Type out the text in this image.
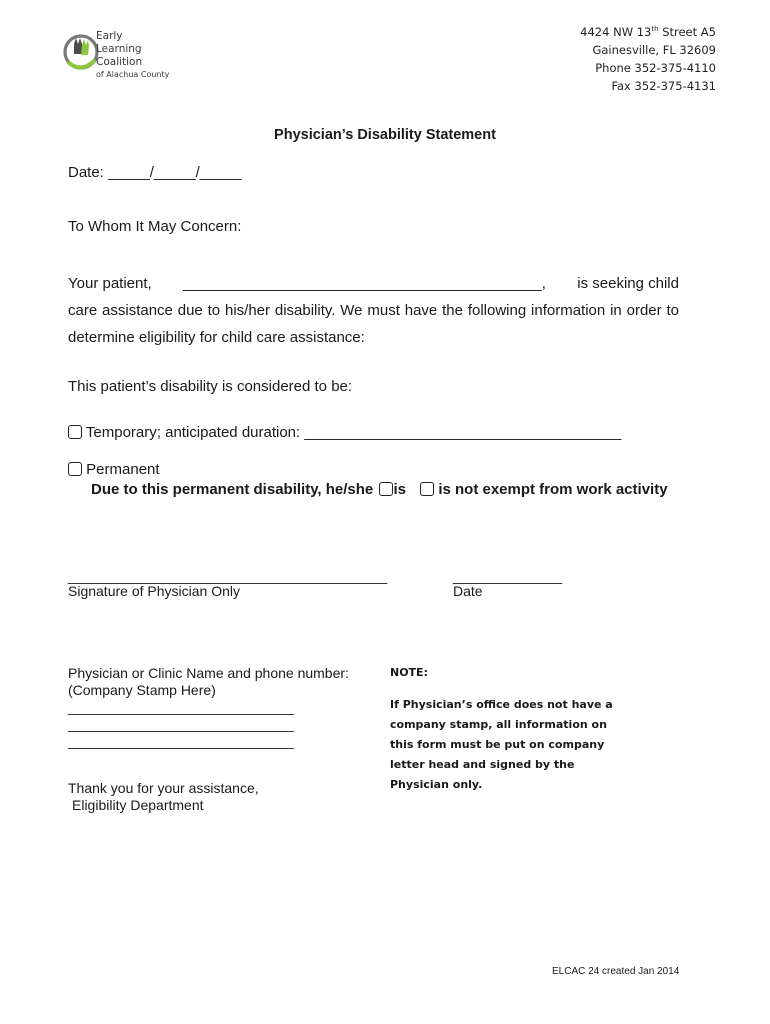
Early
Learning
Coalition
of Alachua County
4424 NW 13th Street A5
Gainesville, FL 32609
Phone 352-375-4110
Fax 352-375-4131
Physician’s Disability Statement
Date: _____/_____/_____
To Whom It May Concern:
Your patient, ___________________________________________, is seeking child
care assistance due to his/her disability. We must have the following information in order to determine eligibility for child care assistance:
This patient’s disability is considered to be:
Temporary; anticipated duration: ______________________________________
Permanent
Due to this permanent disability, he/she is is not exempt from work activity
_________________________________________
Signature of Physician Only
______________
Date
Physician or Clinic Name and phone number:
(Company Stamp Here)
_____________________________
_____________________________
_____________________________
Thank you for your assistance,
Eligibility Department
NOTE:
If Physician’s office does not have a
company stamp, all information on
this form must be put on company
letter head and signed by the
Physician only.
ELCAC 24 created Jan 2014
